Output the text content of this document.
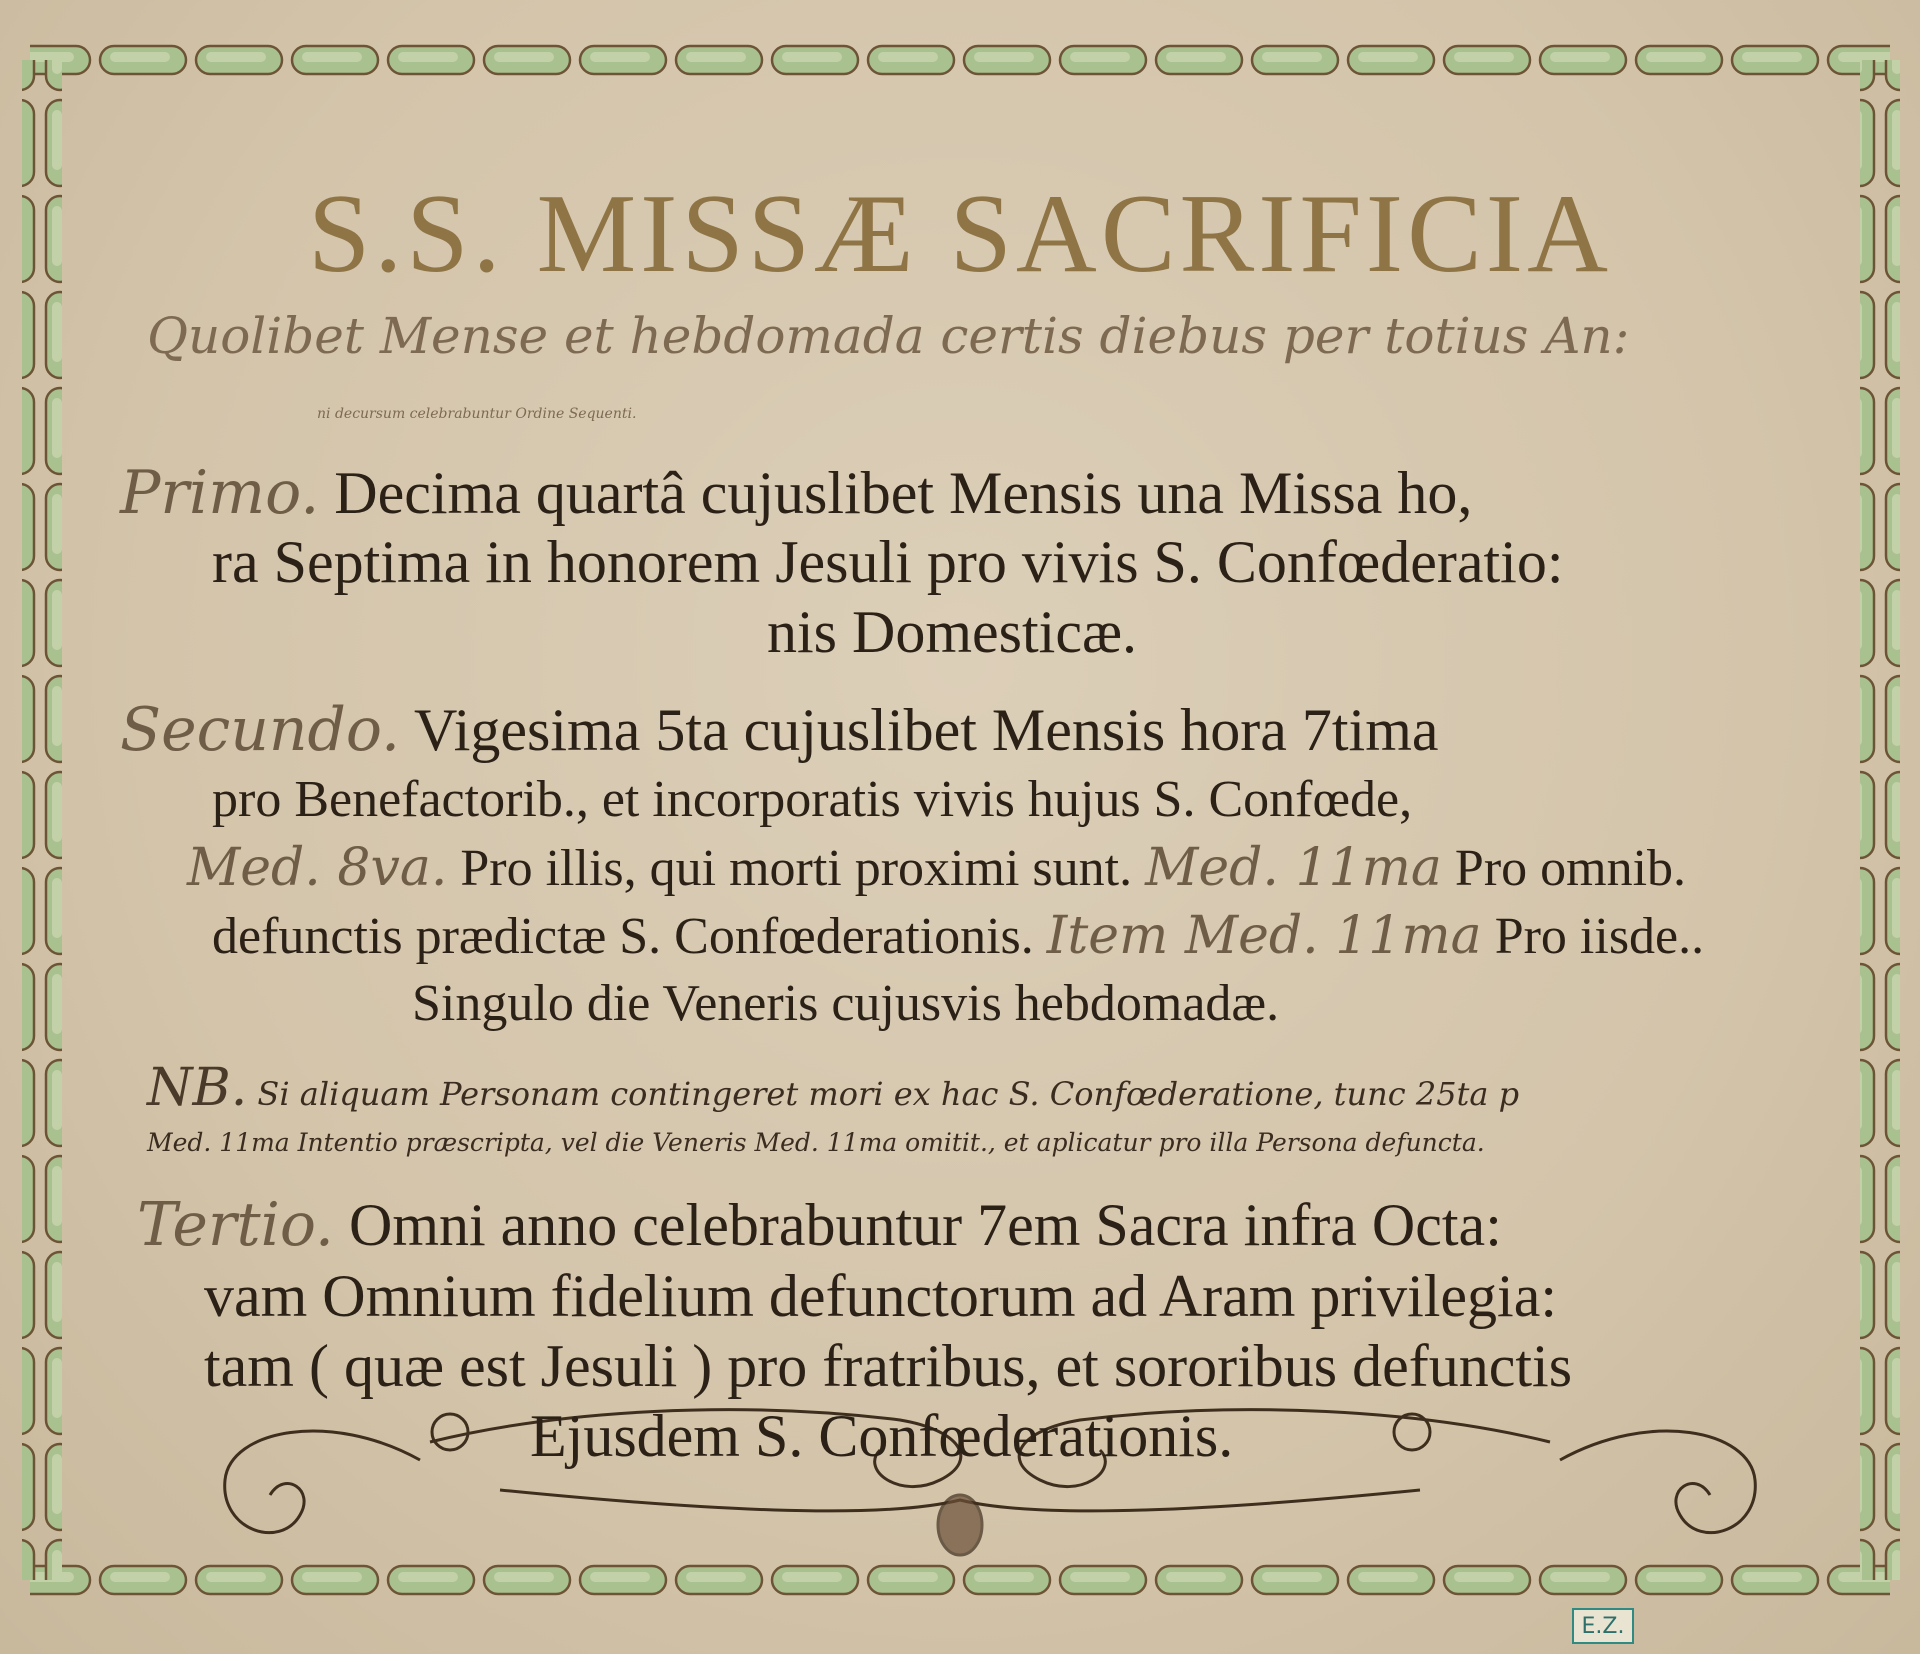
S.S. MISSÆ SACRIFICIA
Quolibet Mense et hebdomada certis diebus per totius An:
ni decursum celebrabuntur Ordine Sequenti.
Primo. Decima quartâ cujuslibet Mensis una Missa ho,
ra Septima in honorem Jesuli pro vivis S. Confœderatio:
nis Domesticæ.
Secundo. Vigesima 5ta cujuslibet Mensis hora 7tima
pro Benefactorib., et incorporatis vivis hujus S. Confœde,
Med. 8va. Pro illis, qui morti proximi sunt. Med. 11ma Pro omnib.
defunctis prædictæ S. Confœderationis. Item Med. 11ma Pro iisde..
Singulo die Veneris cujusvis hebdomadæ.
NB. Si aliquam Personam contingeret mori ex hac S. Confœderatione, tunc 25ta p
Med. 11ma Intentio præscripta, vel die Veneris Med. 11ma omitit., et aplicatur pro illa Persona defuncta.
Tertio. Omni anno celebrabuntur 7em Sacra infra Octa:
vam Omnium fidelium defunctorum ad Aram privilegia:
tam ( quæ est Jesuli ) pro fratribus, et sororibus defunctis
Ejusdem S. Confœderationis.
E.Z.
